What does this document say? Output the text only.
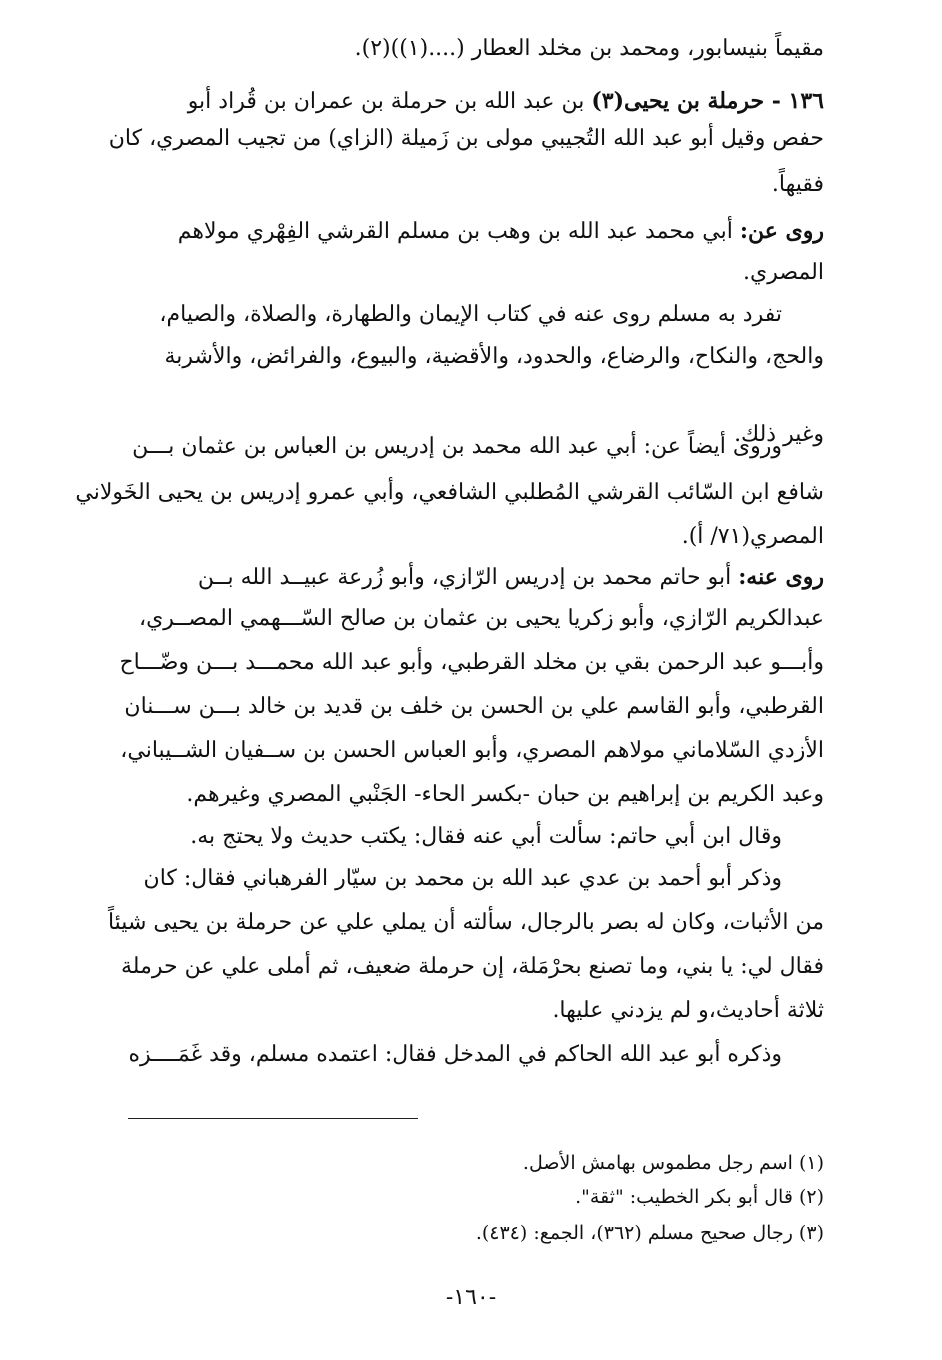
مقيماً بنيسابور، ومحمد بن مخلد العطار (....(١))(٢).
١٣٦ - حرملة بن يحيى(٣) بن عبد الله بن حرملة بن عمران بن قُراد أبو
حفص وقيل أبو عبد الله التُجيبي مولى بن زَميلة (الزاي) من تجيب المصري، كان
فقيهاً.
روى عن: أبي محمد عبد الله بن وهب بن مسلم القرشي الفِهْري مولاهم
المصري.
تفرد به مسلم روى عنه في كتاب الإيمان والطهارة، والصلاة، والصيام،
والحج، والنكاح، والرضاع، والحدود، والأقضية، والبيوع، والفرائض، والأشربة
وغير ذلك.
وروى أيضاً عن: أبي عبد الله محمد بن إدريس بن العباس بن عثمان بـــن
شافع ابن السّائب القرشي المُطلبي الشافعي، وأبي عمرو إدريس بن يحيى الخَولاني
المصري(٧١/ أ).
روى عنه: أبو حاتم محمد بن إدريس الرّازي، وأبو زُرعة عبيــد الله بــن
عبدالكريم الرّازي، وأبو زكريا يحيى بن عثمان بن صالح السّـــهمي المصــري،
وأبـــو عبد الرحمن بقي بن مخلد القرطبي، وأبو عبد الله محمـــد بـــن وضّـــاح
القرطبي، وأبو القاسم علي بن الحسن بن خلف بن قديد بن خالد بـــن ســـنان
الأزدي السّلاماني مولاهم المصري، وأبو العباس الحسن بن ســفيان الشــيباني،
وعبد الكريم بن إبراهيم بن حبان -بكسر الحاء- الجَنْبي المصري وغيرهم.
وقال ابن أبي حاتم: سألت أبي عنه فقال: يكتب حديث ولا يحتج به.
وذكر أبو أحمد بن عدي عبد الله بن محمد بن سيّار الفرهباني فقال: كان
من الأثبات، وكان له بصر بالرجال، سألته أن يملي علي عن حرملة بن يحيى شيئاً
فقال لي: يا بني، وما تصنع بحرْمَلة، إن حرملة ضعيف، ثم أملى علي عن حرملة
ثلاثة أحاديث،و لم يزدني عليها.
وذكره أبو عبد الله الحاكم في المدخل فقال: اعتمده مسلم، وقد غَمَــــزه
(١) اسم رجل مطموس بهامش الأصل.
(٢) قال أبو بكر الخطيب: "ثقة".
(٣) رجال صحيح مسلم (٣٦٢)، الجمع: (٤٣٤).
-١٦٠-
